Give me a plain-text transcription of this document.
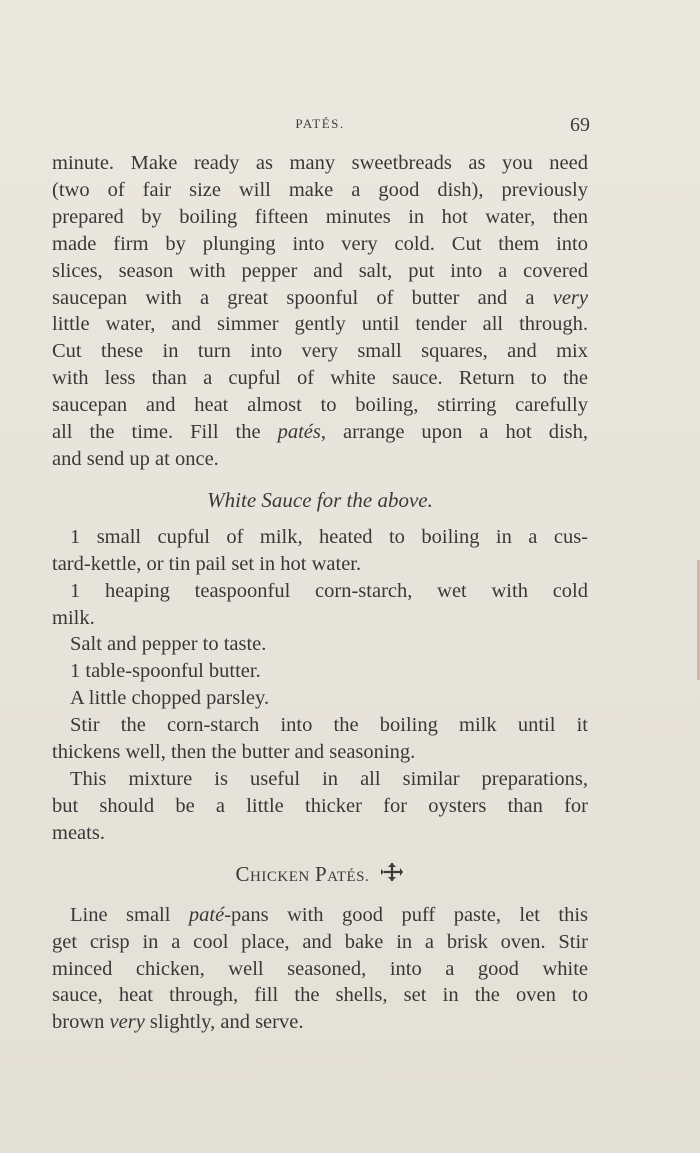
PATÉS.	69
minute. Make ready as many sweetbreads as you need
(two of fair size will make a good dish), previously
prepared by boiling fifteen minutes in hot water, then
made firm by plunging into very cold. Cut them into
slices, season with pepper and salt, put into a covered
saucepan with a great spoonful of butter and a very
little water, and simmer gently until tender all through.
Cut these in turn into very small squares, and mix
with less than a cupful of white sauce. Return to the
saucepan and heat almost to boiling, stirring carefully
all the time. Fill the patés, arrange upon a hot dish,
and send up at once.
White Sauce for the above.
1 small cupful of milk, heated to boiling in a cus-
tard-kettle, or tin pail set in hot water.
1 heaping teaspoonful corn-starch, wet with cold
milk.
Salt and pepper to taste.
1 table-spoonful butter.
A little chopped parsley.
Stir the corn-starch into the boiling milk until it
thickens well, then the butter and seasoning.
This mixture is useful in all similar preparations,
but should be a little thicker for oysters than for
meats.
CHICKEN PATÉS.
Line small paté-pans with good puff paste, let this
get crisp in a cool place, and bake in a brisk oven. Stir
minced chicken, well seasoned, into a good white
sauce, heat through, fill the shells, set in the oven to
brown very slightly, and serve.
